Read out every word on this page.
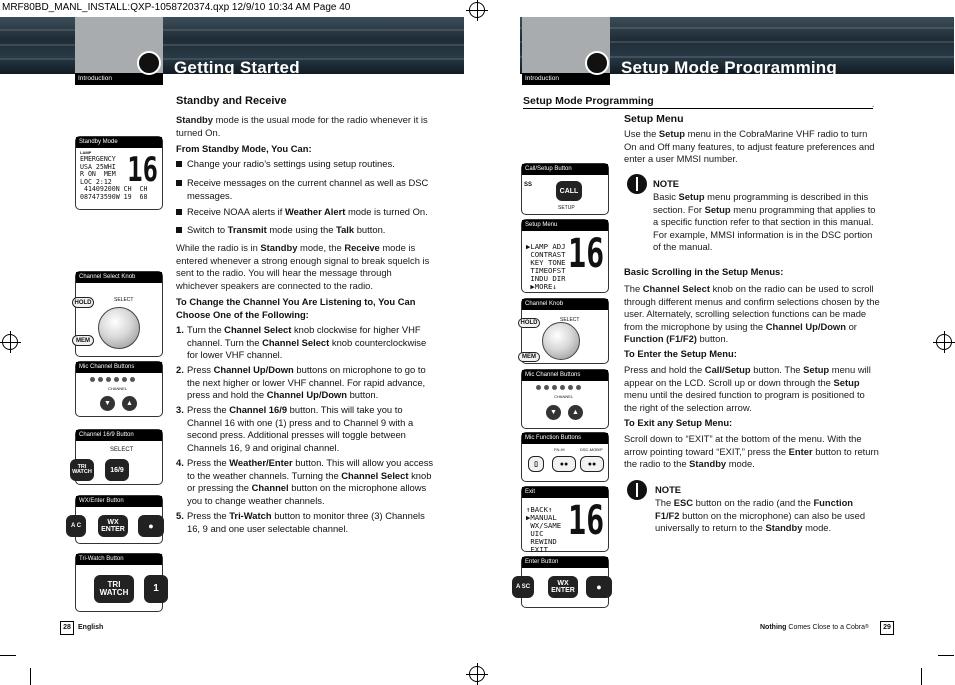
MRF80BD_MANL_INSTALL:QXP-1058720374.qxp 12/9/10 10:34 AM Page 40
Introduction
Getting Started
Introduction
Setup Mode Programming
Standby Mode
LAMP
EMERGENCY
USA 25WHI
R ON  MEM
LOC 2:12
41409200N CH  CH
087473590W 19  68
16
Channel Select Knob
HOLD	SELECT
MEM
Mic Channel Buttons
CHANNEL
▼	▲
Channel 16/9 Button
SELECT
TRI WATCH	16/9
WX/Enter Button
A C	WX ENTER	●
Tri-Watch Button
TRI WATCH	1
Standby and Receive
Standby mode is the usual mode for the radio whenever it is turned On.
From Standby Mode, You Can:
Change your radio’s settings using setup routines.
Receive messages on the current channel as well as DSC messages.
Receive NOAA alerts if Weather Alert mode is turned On.
Switch to Transmit mode using the Talk button.
While the radio is in Standby mode, the Receive mode is entered whenever a strong enough signal to break squelch is sent to the radio. You will hear the message through whichever speakers are connected to the radio.
To Change the Channel You Are Listening to, You Can Choose One of the Following:
1. Turn the Channel Select knob clockwise for higher VHF channel. Turn the Channel Select knob counterclockwise for lower VHF channel.
2. Press Channel Up/Down buttons on microphone to go to the next higher or lower VHF channel. For rapid advance, press and hold the Channel Up/Down button.
3. Press the Channel 16/9 button. This will take you to Channel 16 with one (1) press and to Channel 9 with a second press. Additional presses will toggle between Channels 16, 9 and original channel.
4. Press the Weather/Enter button. This will allow you access to the weather channels. Turning the Channel Select knob or pressing the Channel button on the microphone allows you to change weather channels.
5. Press the Tri-Watch button to monitor three (3) Channels 16, 9 and one user selectable channel.
28	English
Setup Mode Programming	.
Call/Setup Button
SS
CALL
SETUP
Setup Menu
▶LAMP ADJ
CONTRAST
KEY TONE
TIMEOFST
INDU DIR
▶MORE↓
16
Channel Knob
HOLD	SELECT
MEM
Mic Channel Buttons
CHANNEL
▼	▲
Mic Function Buttons
FN-HI	DSC-MOB/P
●●	●●
▯
Exit
↑BACK↑
▶MANUAL
WX/SAME
UIC
REWIND
EXIT
16
Enter Button
A SC	WX ENTER	●
Setup Menu
Use the Setup menu in the CobraMarine VHF radio to turn On and Off many features, to adjust feature preferences and enter a user MMSI number.
NOTE
Basic Setup menu programming is described in this section. For Setup menu programming that applies to a specific function refer to that section in this manual. For example, MMSI information is in the DSC portion of the manual.
Basic Scrolling in the Setup Menus:
The Channel Select knob on the radio can be used to scroll through different menus and confirm selections chosen by the user. Alternately, scrolling selection functions can be made from the microphone by using the Channel Up/Down or Function (F1/F2) button.
To Enter the Setup Menu:
Press and hold the Call/Setup button. The Setup menu will appear on the LCD. Scroll up or down through the Setup menu until the desired function to program is positioned to the right of the selection arrow.
To Exit any Setup Menu:
Scroll down to “EXIT” at the bottom of the menu. With the arrow pointing toward “EXIT,” press the Enter button to return the radio to the Standby mode.
NOTE
The ESC button on the radio (and the Function F1/F2 button on the microphone) can also be used universally to return to the Standby mode.
Nothing Comes Close to a Cobra®	29
